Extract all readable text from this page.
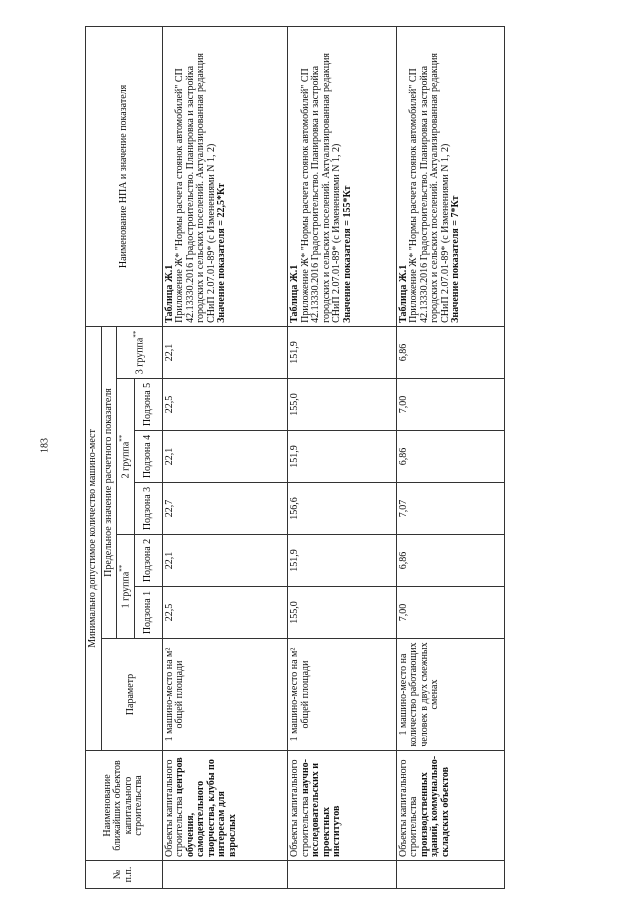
183
№ п.п.	Наименование ближайших объектов капитального строительства	Минимально допустимое количество машино-мест							Наименование НПА и значение показателя
		Параметр	Предельное значение расчетного показателя						
			1 группа**		2 группа**			3 группа**
			Подзона 1	Подзона 2	Подзона 3	Подзона 4	Подзона 5		
	Объекты капитального строительства центров обучения, самодеятельного творчества, клубы по интересам для взрослых	1 машино-место на м² общей площади	22,5	22,1	22,7	22,1	22,5	22,1	Таблица Ж.1 Приложение Ж* "Нормы расчета стоянок автомобилей" СП 42.13330.2016 Градостроительство. Планировка и застройка городских и сельских поселений. Актуализированная редакция СНиП 2.07.01-89* (с Изменениями N 1, 2) Значение показателя = 22,5*Кт

	Объекты капитального строительства научно-исследовательских и проектных институтов	1 машино-место на м² общей площади	155,0	151,9	156,6	151,9	155,0	151,9	Таблица Ж.1 Приложение Ж* "Нормы расчета стоянок автомобилей" СП 42.13330.2016 Градостроительство. Планировка и застройка городских и сельских поселений. Актуализированная редакция СНиП 2.07.01-89* (с Изменениями N 1, 2) Значение показателя = 155*Кт

	Объекты капитального строительства производственных зданий, коммунально-складских объектов	1 машино-место на количество работающих человек в двух смежных сменах	7,00	6,86	7,07	6,86	7,00	6,86	Таблица Ж.1 Приложение Ж* "Нормы расчета стоянок автомобилей" СП 42.13330.2016 Градостроительство. Планировка и застройка городских и сельских поселений. Актуализированная редакция СНиП 2.07.01-89* (с Изменениями N 1, 2) Значение показателя = 7*Кт
